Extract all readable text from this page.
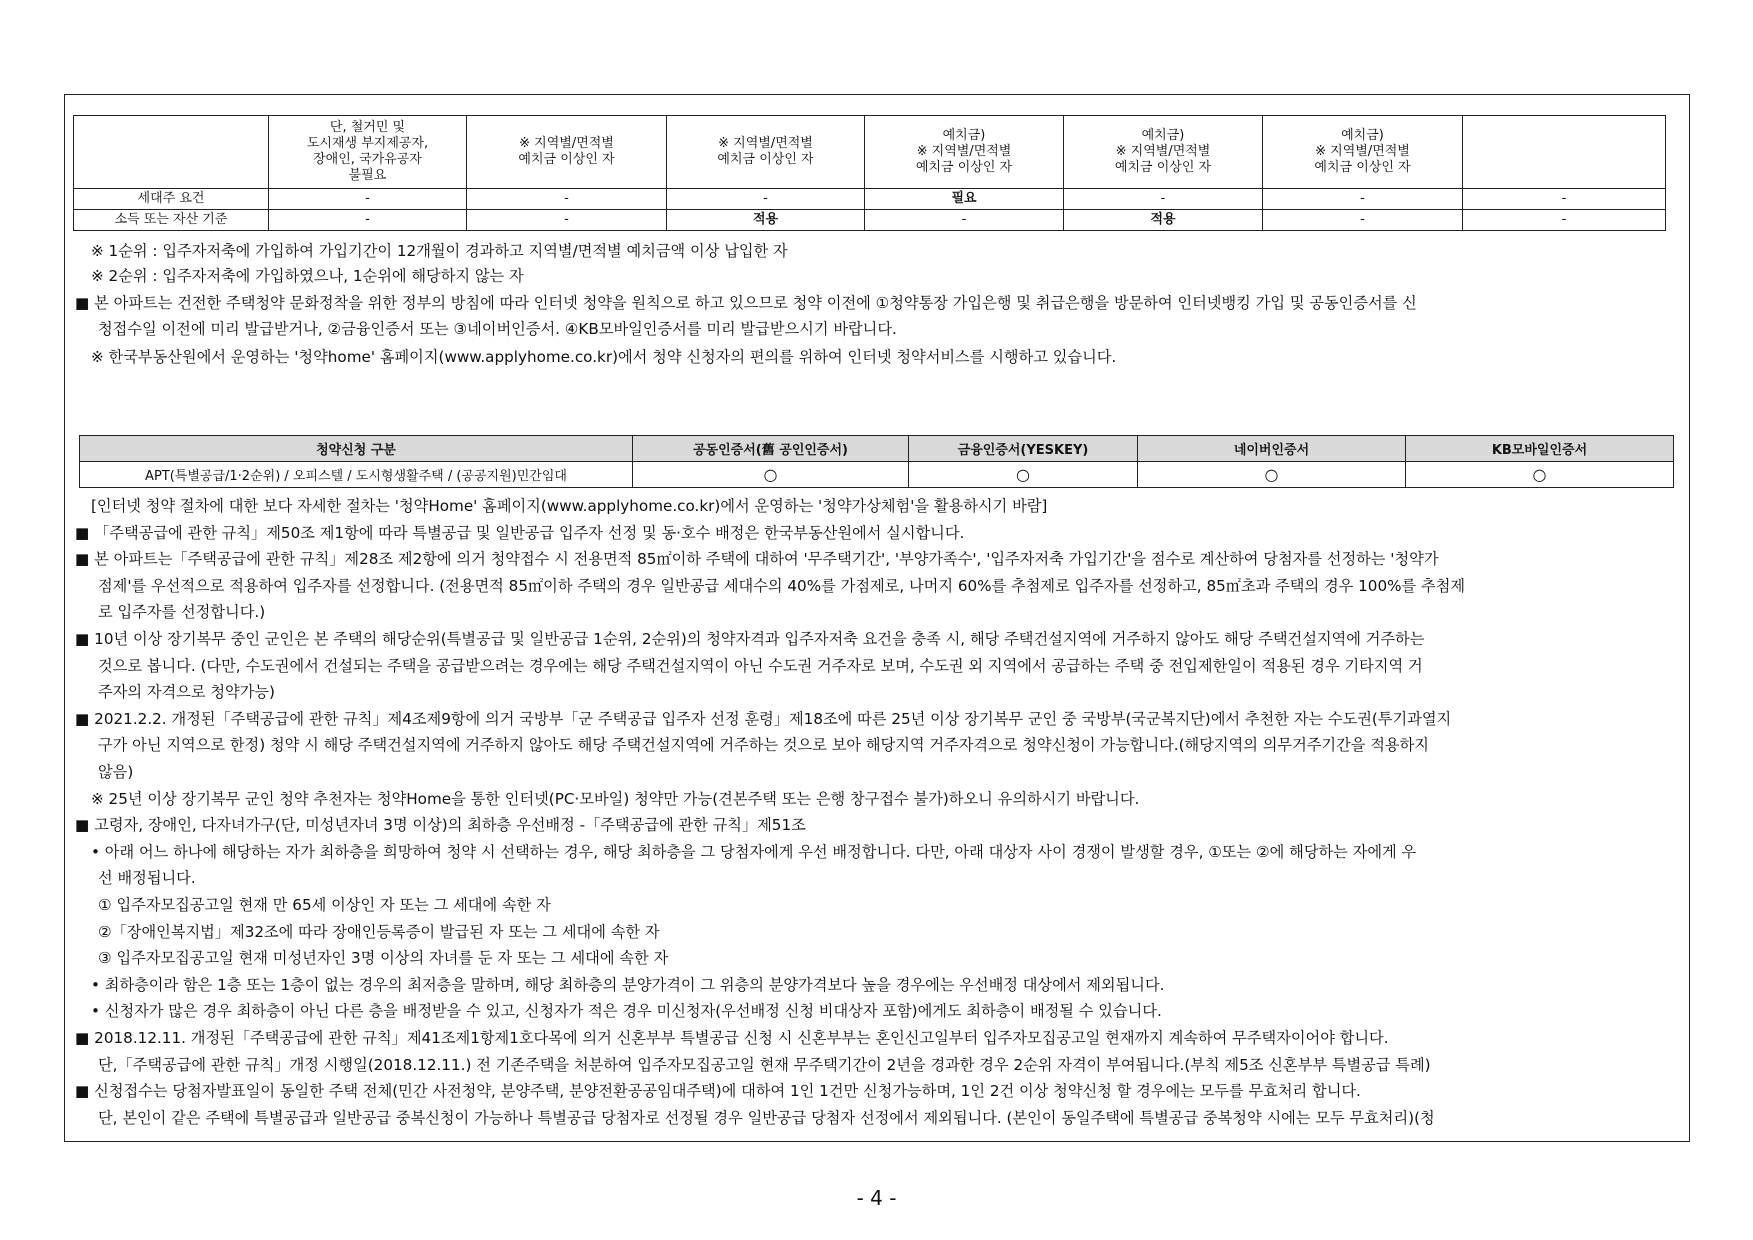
	단, 철거민 및
도시재생 부지제공자,
장애인, 국가유공자
불필요	※ 지역별/면적별
예치금 이상인 자	※ 지역별/면적별
예치금 이상인 자	예치금)
※ 지역별/면적별
예치금 이상인 자	예치금)
※ 지역별/면적별
예치금 이상인 자	예치금)
※ 지역별/면적별
예치금 이상인 자	
세대주 요건	-	-	-	필요	-	-	-
소득 또는 자산 기준	-	-	적용	-	적용	-	-
※ 1순위 : 입주자저축에 가입하여 가입기간이 12개월이 경과하고 지역별/면적별 예치금액 이상 납입한 자
※ 2순위 : 입주자저축에 가입하였으나, 1순위에 해당하지 않는 자
■ 본 아파트는 건전한 주택청약 문화정착을 위한 정부의 방침에 따라 인터넷 청약을 원칙으로 하고 있으므로 청약 이전에 ①청약통장 가입은행 및 취급은행을 방문하여 인터넷뱅킹 가입 및 공동인증서를 신
청접수일 이전에 미리 발급받거나, ②금융인증서 또는 ③네이버인증서. ④KB모바일인증서를 미리 발급받으시기 바랍니다.
※ 한국부동산원에서 운영하는 '청약home' 홈페이지(www.applyhome.co.kr)에서 청약 신청자의 편의를 위하여 인터넷 청약서비스를 시행하고 있습니다.
청약신청 구분	공동인증서(舊 공인인증서)	금융인증서(YESKEY)	네이버인증서	KB모바일인증서
APT(특별공급/1·2순위) / 오피스텔 / 도시형생활주택 / (공공지원)민간임대	○	○	○	○
[인터넷 청약 절차에 대한 보다 자세한 절차는 '청약Home' 홈페이지(www.applyhome.co.kr)에서 운영하는 '청약가상체험'을 활용하시기 바람]
■ 「주택공급에 관한 규칙」제50조 제1항에 따라 특별공급 및 일반공급 입주자 선정 및 동·호수 배정은 한국부동산원에서 실시합니다.
■ 본 아파트는「주택공급에 관한 규칙」제28조 제2항에 의거 청약접수 시 전용면적 85㎡이하 주택에 대하여 '무주택기간', '부양가족수', '입주자저축 가입기간'을 점수로 계산하여 당첨자를 선정하는 '청약가
점제'를 우선적으로 적용하여 입주자를 선정합니다. (전용면적 85㎡이하 주택의 경우 일반공급 세대수의 40%를 가점제로, 나머지 60%를 추첨제로 입주자를 선정하고, 85㎡초과 주택의 경우 100%를 추첨제
로 입주자를 선정합니다.)
■ 10년 이상 장기복무 중인 군인은 본 주택의 해당순위(특별공급 및 일반공급 1순위, 2순위)의 청약자격과 입주자저축 요건을 충족 시, 해당 주택건설지역에 거주하지 않아도 해당 주택건설지역에 거주하는
것으로 봅니다. (다만, 수도권에서 건설되는 주택을 공급받으려는 경우에는 해당 주택건설지역이 아닌 수도권 거주자로 보며, 수도권 외 지역에서 공급하는 주택 중 전입제한일이 적용된 경우 기타지역 거
주자의 자격으로 청약가능)
■ 2021.2.2. 개정된「주택공급에 관한 규칙」제4조제9항에 의거 국방부「군 주택공급 입주자 선정 훈령」제18조에 따른 25년 이상 장기복무 군인 중 국방부(국군복지단)에서 추천한 자는 수도권(투기과열지
구가 아닌 지역으로 한정) 청약 시 해당 주택건설지역에 거주하지 않아도 해당 주택건설지역에 거주하는 것으로 보아 해당지역 거주자격으로 청약신청이 가능합니다.(해당지역의 의무거주기간을 적용하지
않음)
※ 25년 이상 장기복무 군인 청약 추천자는 청약Home을 통한 인터넷(PC·모바일) 청약만 가능(견본주택 또는 은행 창구접수 불가)하오니 유의하시기 바랍니다.
■ 고령자, 장애인, 다자녀가구(단, 미성년자녀 3명 이상)의 최하층 우선배정 -「주택공급에 관한 규칙」제51조
• 아래 어느 하나에 해당하는 자가 최하층을 희망하여 청약 시 선택하는 경우, 해당 최하층을 그 당첨자에게 우선 배정합니다. 다만, 아래 대상자 사이 경쟁이 발생할 경우, ①또는 ②에 해당하는 자에게 우
선 배정됩니다.
① 입주자모집공고일 현재 만 65세 이상인 자 또는 그 세대에 속한 자
②「장애인복지법」제32조에 따라 장애인등록증이 발급된 자 또는 그 세대에 속한 자
③ 입주자모집공고일 현재 미성년자인 3명 이상의 자녀를 둔 자 또는 그 세대에 속한 자
• 최하층이라 함은 1층 또는 1층이 없는 경우의 최저층을 말하며, 해당 최하층의 분양가격이 그 위층의 분양가격보다 높을 경우에는 우선배정 대상에서 제외됩니다.
• 신청자가 많은 경우 최하층이 아닌 다른 층을 배정받을 수 있고, 신청자가 적은 경우 미신청자(우선배정 신청 비대상자 포함)에게도 최하층이 배정될 수 있습니다.
■ 2018.12.11. 개정된「주택공급에 관한 규칙」제41조제1항제1호다목에 의거 신혼부부 특별공급 신청 시 신혼부부는 혼인신고일부터 입주자모집공고일 현재까지 계속하여 무주택자이어야 합니다.
단,「주택공급에 관한 규칙」개정 시행일(2018.12.11.) 전 기존주택을 처분하여 입주자모집공고일 현재 무주택기간이 2년을 경과한 경우 2순위 자격이 부여됩니다.(부칙 제5조 신혼부부 특별공급 특례)
■ 신청접수는 당첨자발표일이 동일한 주택 전체(민간 사전청약, 분양주택, 분양전환공공임대주택)에 대하여 1인 1건만 신청가능하며, 1인 2건 이상 청약신청 할 경우에는 모두를 무효처리 합니다.
단, 본인이 같은 주택에 특별공급과 일반공급 중복신청이 가능하나 특별공급 당첨자로 선정될 경우 일반공급 당첨자 선정에서 제외됩니다. (본인이 동일주택에 특별공급 중복청약 시에는 모두 무효처리)(청
- 4 -
